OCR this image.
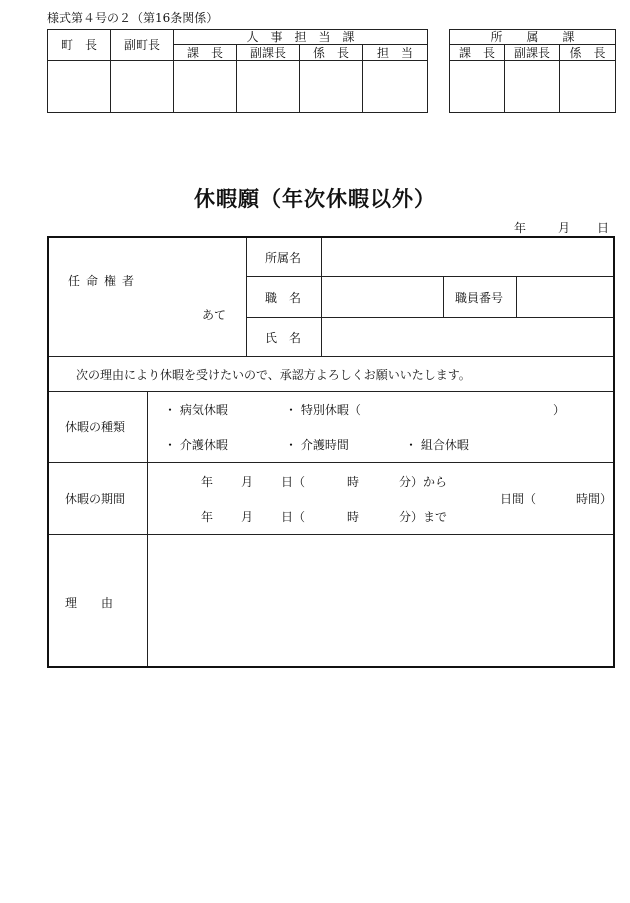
様式第４号の２（第16条関係）
町　長	副町長	人　事　担　当　課			
		課　長	副課長	係　長	担　当

所　　属　　課		
課　長	副課長	係　長

休暇願（年次休暇以外）
年	月 日
任命権者
あて
所属名
職　名	職員番号
氏　名
次の理由により休暇を受けたいので、承認方よろしくお願いいたします。
休暇の種類
・ 病気休暇	・ 特別休暇（	）
・ 介護休暇	・ 介護時間	・ 組合休暇
休暇の期間
年 月 日（	時	分）から
年 月 日（	時	分）まで
日間（	時間）
理　　由
